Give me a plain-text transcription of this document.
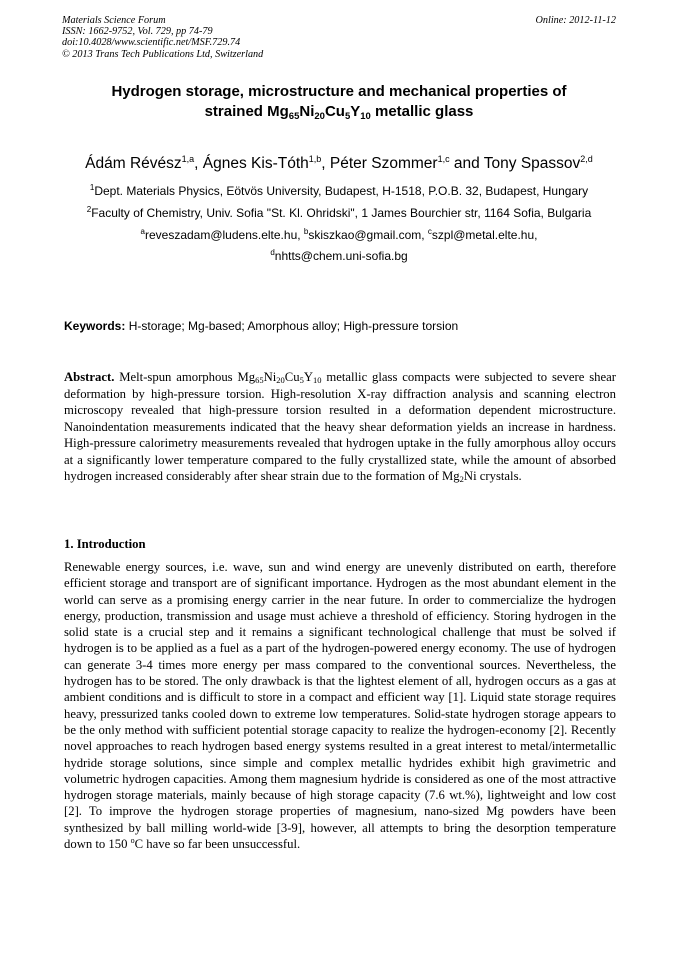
Materials Science Forum
ISSN: 1662-9752, Vol. 729, pp 74-79
doi:10.4028/www.scientific.net/MSF.729.74
© 2013 Trans Tech Publications Ltd, Switzerland
Online: 2012-11-12
Hydrogen storage, microstructure and mechanical properties of
strained $Mg_{65}Ni_{20}Cu_5Y_{10}$ metallic glass
Ádám Révész$^{1,a}$, Ágnes Kis-Tóth$^{1,b}$, Péter Szommer$^{1,c}$ and Tony Spassov$^{2,d}$
$^1$Dept. Materials Physics, Eötvös University, Budapest, H-1518, P.O.B. 32, Budapest, Hungary
$^2$Faculty of Chemistry, Univ. Sofia "St. Kl. Ohridski", 1 James Bourchier str, 1164 Sofia, Bulgaria
$^a$reveszadam@ludens.elte.hu, $^b$skiszkao@gmail.com, $^c$szpl@metal.elte.hu,
$^d$nhtts@chem.uni-sofia.bg
Keywords: H-storage; Mg-based; Amorphous alloy; High-pressure torsion
Abstract. Melt-spun amorphous $Mg_{65}Ni_{20}Cu_5Y_{10}$ metallic glass compacts were subjected to severe shear deformation by high-pressure torsion. High-resolution X-ray diffraction analysis and scanning electron microscopy revealed that high-pressure torsion resulted in a deformation dependent microstructure. Nanoindentation measurements indicated that the heavy shear deformation yields an increase in hardness. High-pressure calorimetry measurements revealed that hydrogen uptake in the fully amorphous alloy occurs at a significantly lower temperature compared to the fully crystallized state, while the amount of absorbed hydrogen increased considerably after shear strain due to the formation of $Mg_2Ni$ crystals.
1. Introduction
Renewable energy sources, i.e. wave, sun and wind energy are unevenly distributed on earth, therefore efficient storage and transport are of significant importance. Hydrogen as the most abundant element in the world can serve as a promising energy carrier in the near future. In order to commercialize the hydrogen energy, production, transmission and usage must achieve a threshold of efficiency. Storing hydrogen in the solid state is a crucial step and it remains a significant technological challenge that must be solved if hydrogen is to be applied as a fuel as a part of the hydrogen-powered energy economy. The use of hydrogen can generate 3-4 times more energy per mass compared to the conventional sources. Nevertheless, the hydrogen has to be stored. The only drawback is that the lightest element of all, hydrogen occurs as a gas at ambient conditions and is difficult to store in a compact and efficient way [1]. Liquid state storage requires heavy, pressurized tanks cooled down to extreme low temperatures. Solid-state hydrogen storage appears to be the only method with sufficient potential storage capacity to realize the hydrogen-economy [2]. Recently novel approaches to reach hydrogen based energy systems resulted in a great interest to metal/intermetallic hydride storage solutions, since simple and complex metallic hydrides exhibit high gravimetric and volumetric hydrogen capacities. Among them magnesium hydride is considered as one of the most attractive hydrogen storage materials, mainly because of high storage capacity (7.6 wt.%), lightweight and low cost [2]. To improve the hydrogen storage properties of magnesium, nano-sized Mg powders have been synthesized by ball milling world-wide [3-9], however, all attempts to bring the desorption temperature down to 150 $^o$C have so far been unsuccessful.
